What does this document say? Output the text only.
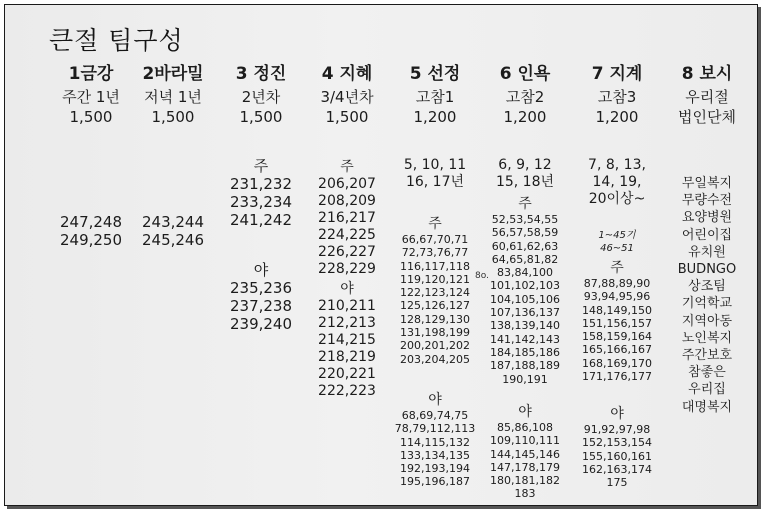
큰절 팀구성
1금강
주간 1년
1,500
247,248
249,250
2바라밀
저녁 1년
1,500
243,244
245,246
3 정진
2년차
1,500
주
231,232
233,234
241,242
야
235,236
237,238
239,240
4 지혜
3/4년차
1,500
주
206,207
208,209
216,217
224,225
226,227
228,229
야
210,211
212,213
214,215
218,219
220,221
222,223
5 선정
고참1
1,200
5, 10, 11
16, 17년
주
66,67,70,71
72,73,76,77
116,117,118
119,120,121
122,123,124
125,126,127
128,129,130
131,198,199
200,201,202
203,204,205
야
68,69,74,75
78,79,112,113
114,115,132
133,134,135
192,193,194
195,196,187
6 인욕
고참2
1,200
6, 9, 12
15, 18년
주
52,53,54,55
56,57,58,59
60,61,62,63
64,65,81,82
83,84,100
101,102,103
104,105,106
107,136,137
138,139,140
141,142,143
184,185,186
187,188,189
190,191
8o.
야
85,86,108
109,110,111
144,145,146
147,178,179
180,181,182
183
7 지계
고참3
1,200
7, 8, 13,
14, 19,
20이상~
1~45기
46~51
주
87,88,89,90
93,94,95,96
148,149,150
151,156,157
158,159,164
165,166,167
168,169,170
171,176,177
야
91,92,97,98
152,153,154
155,160,161
162,163,174
175
8 보시
우리절
법인단체
무일복지
무량수전
요양병원
어린이집
유치원
BUDNGO
상조팀
기억학교
지역아동
노인복지
주간보호
참좋은
우리집
대명복지
